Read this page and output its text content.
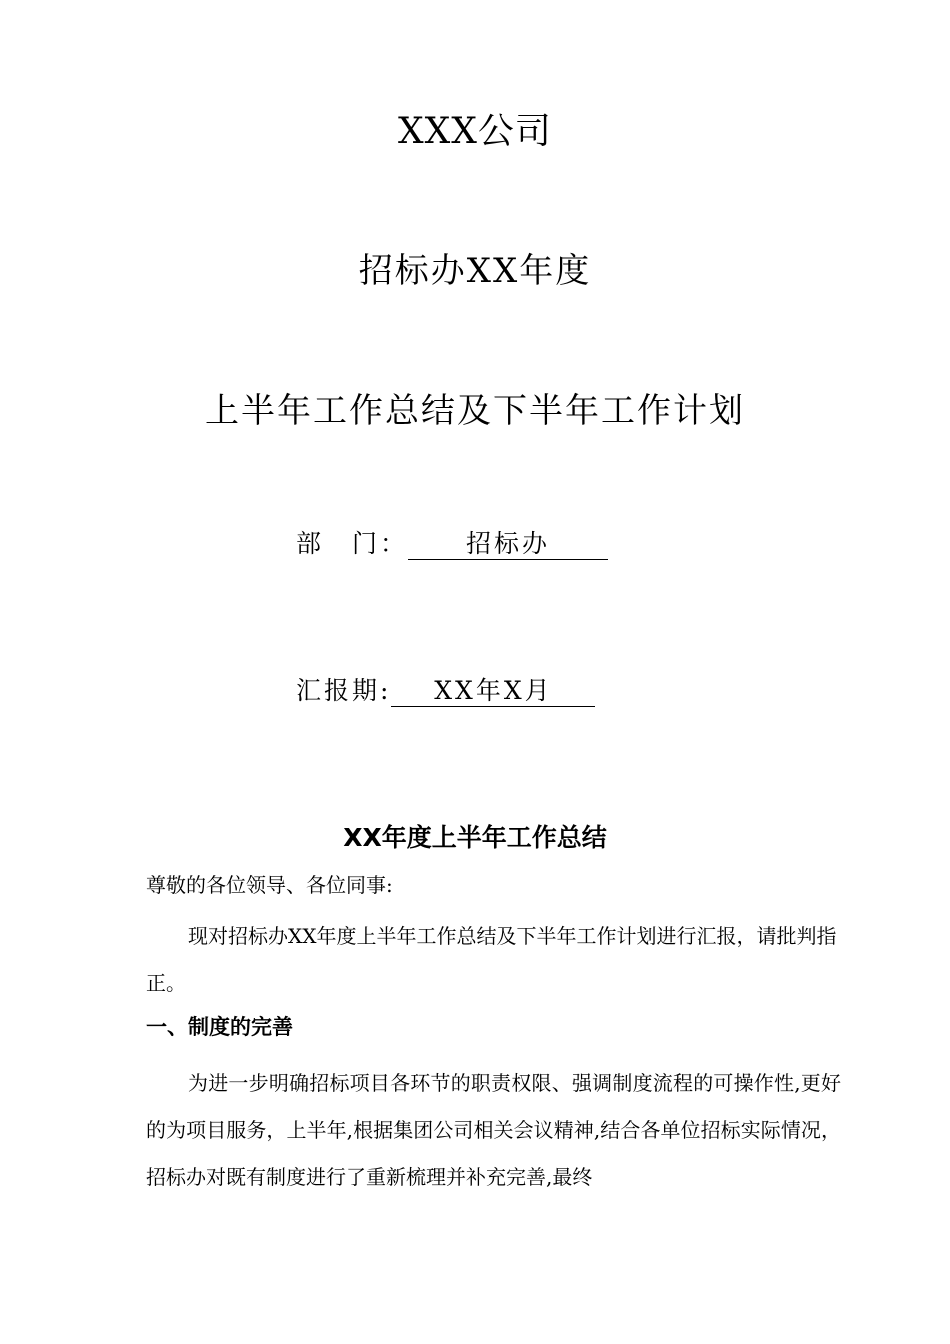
XXX公司
招标办XX年度
上半年工作总结及下半年工作计划
部　门： 招标办
汇报期: XX年X月
XX年度上半年工作总结
尊敬的各位领导、各位同事:
现对招标办XX年度上半年工作总结及下半年工作计划进行汇报，请批判指正。
一、制度的完善
为进一步明确招标项目各环节的职责权限、强调制度流程的可操作性,更好的为项目服务，上半年,根据集团公司相关会议精神,结合各单位招标实际情况， 招标办对既有制度进行了重新梳理并补充完善,最终
